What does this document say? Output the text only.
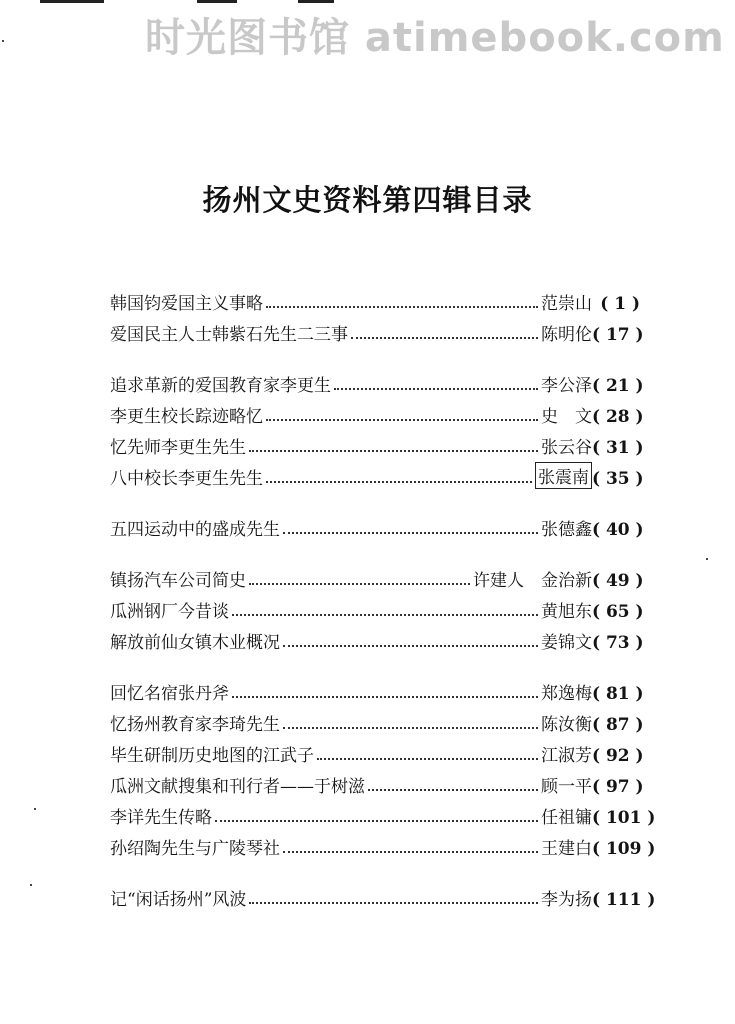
时光图书馆 atimebook.com
扬州文史资料第四辑目录
韩国钧爱国主义事略	范崇山 ( 1 )
爱国民主人士韩紫石先生二三事	陈明伦 ( 17 )
追求革新的爱国教育家李更生	李公泽 ( 21 )
李更生校长踪迹略忆	史　文 ( 28 )
忆先师李更生先生	张云谷 ( 31 )
八中校长李更生先生	张震南 ( 35 )
五四运动中的盛成先生	张德鑫 ( 40 )
镇扬汽车公司简史	许建人　金治新 ( 49 )
瓜洲钢厂今昔谈	黄旭东 ( 65 )
解放前仙女镇木业概况	姜锦文 ( 73 )
回忆名宿张丹斧	郑逸梅 ( 81 )
忆扬州教育家李琦先生	陈汝衡 ( 87 )
毕生研制历史地图的江武子	江淑芳 ( 92 )
瓜洲文献搜集和刊行者——于树滋	顾一平 ( 97 )
李详先生传略	任祖镛 ( 101 )
孙绍陶先生与广陵琴社	王建白 ( 109 )
记“闲话扬州”风波	李为扬 ( 111 )
